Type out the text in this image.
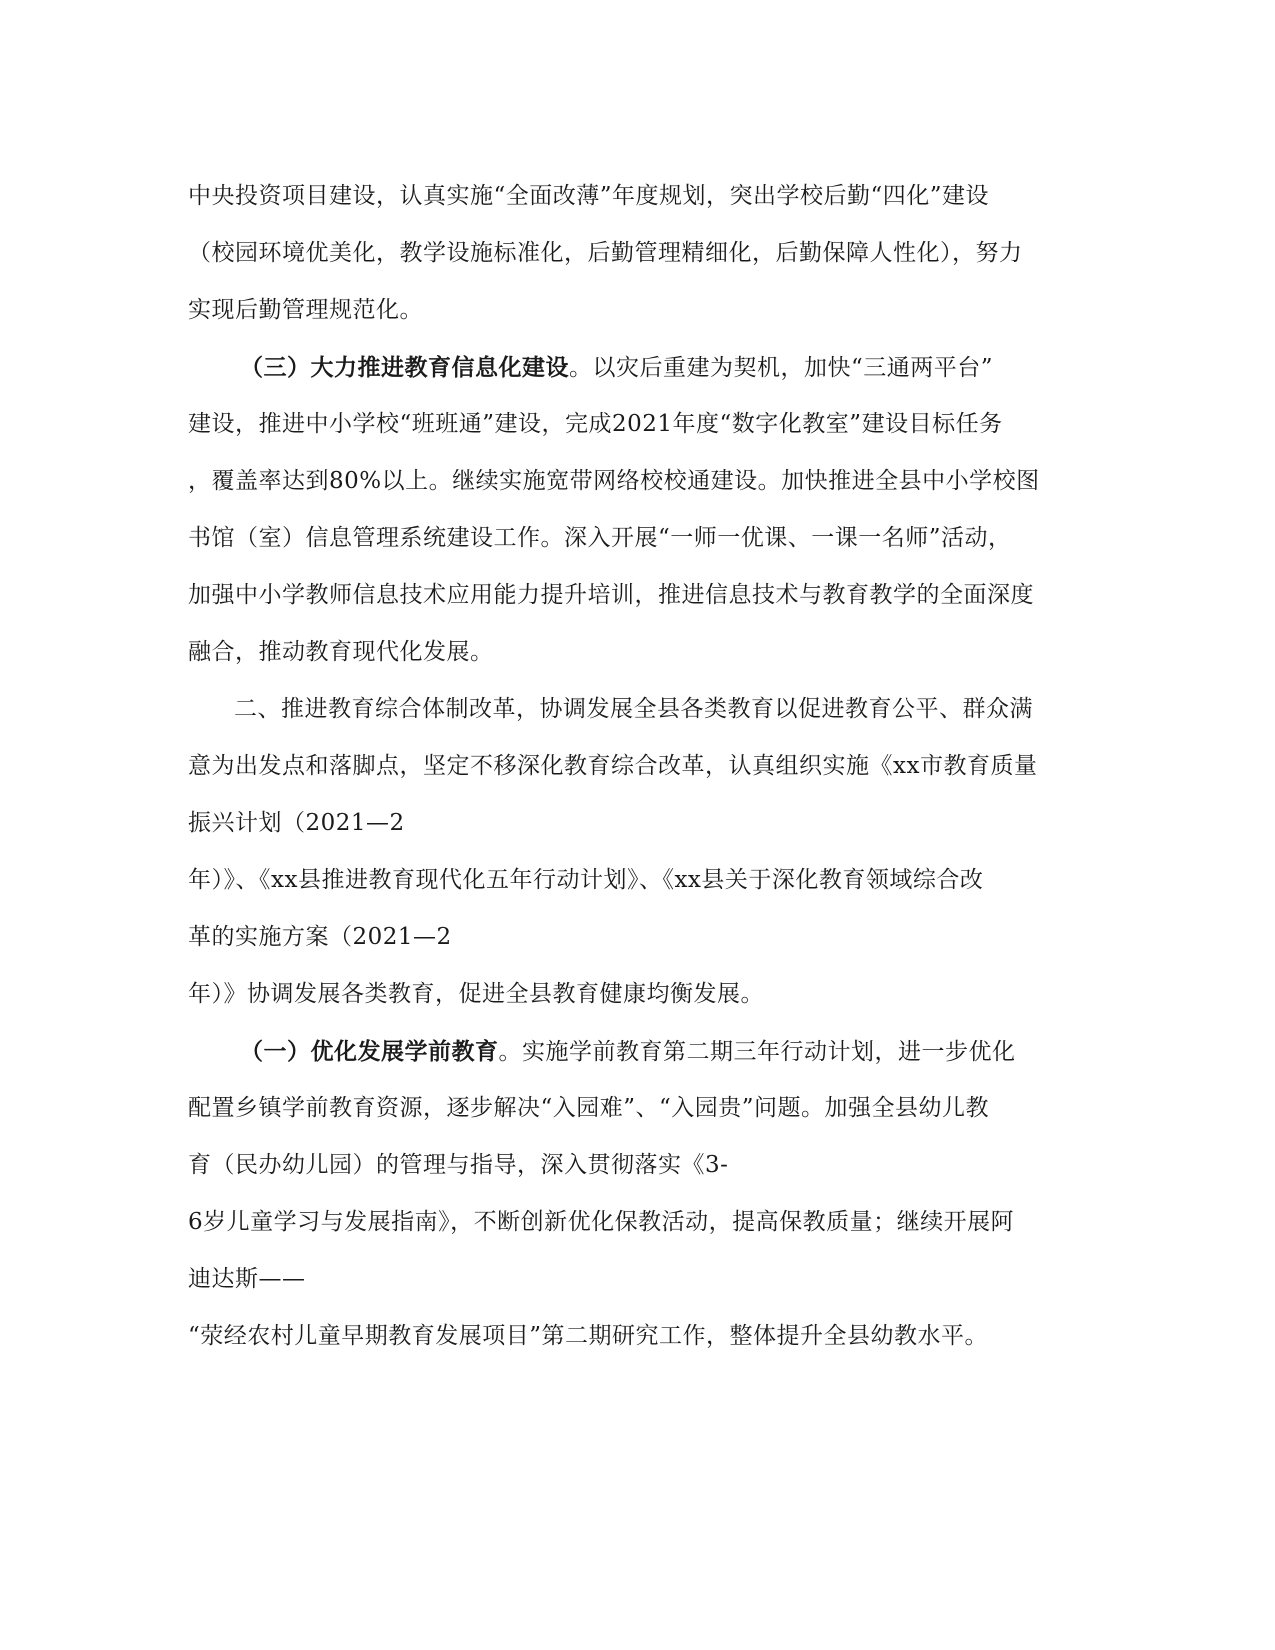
中央投资项目建设，认真实施“全面改薄”年度规划，突出学校后勤“四化”建设
（校园环境优美化，教学设施标准化，后勤管理精细化，后勤保障人性化），努力
实现后勤管理规范化。
（三）大力推进教育信息化建设。以灾后重建为契机，加快“三通两平台”
建设，推进中小学校“班班通”建设，完成2021年度“数字化教室”建设目标任务
，覆盖率达到80%以上。继续实施宽带网络校校通建设。加快推进全县中小学校图
书馆（室）信息管理系统建设工作。深入开展“一师一优课、一课一名师”活动，
加强中小学教师信息技术应用能力提升培训，推进信息技术与教育教学的全面深度
融合，推动教育现代化发展。
二、推进教育综合体制改革，协调发展全县各类教育以促进教育公平、群众满
意为出发点和落脚点，坚定不移深化教育综合改革，认真组织实施《xx市教育质量
振兴计划（2021—2
年）》、《xx县推进教育现代化五年行动计划》、《xx县关于深化教育领域综合改
革的实施方案（2021—2
年）》协调发展各类教育，促进全县教育健康均衡发展。
（一）优化发展学前教育。实施学前教育第二期三年行动计划，进一步优化
配置乡镇学前教育资源，逐步解决“入园难”、“入园贵”问题。加强全县幼儿教
育（民办幼儿园）的管理与指导，深入贯彻落实《3-
6岁儿童学习与发展指南》，不断创新优化保教活动，提高保教质量；继续开展阿
迪达斯——
“荥经农村儿童早期教育发展项目”第二期研究工作，整体提升全县幼教水平。
